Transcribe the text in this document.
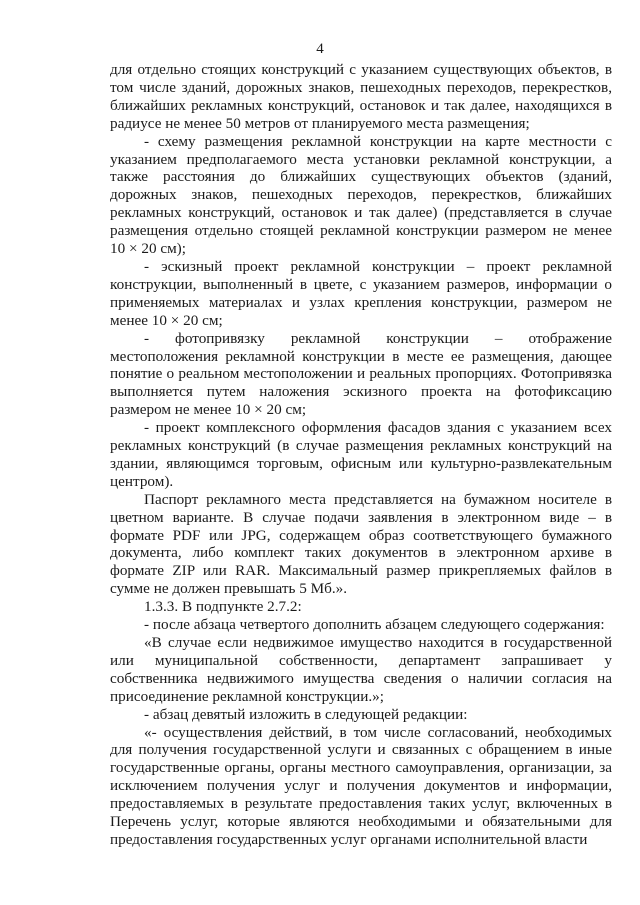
4

для отдельно стоящих конструкций с указанием существующих объектов, в том числе зданий, дорожных знаков, пешеходных переходов, перекрестков, ближайших рекламных конструкций, остановок и так далее, находящихся в радиусе не менее 50 метров от планируемого места размещения;

- схему размещения рекламной конструкции на карте местности с указанием предполагаемого места установки рекламной конструкции, а также расстояния до ближайших существующих объектов (зданий, дорожных знаков, пешеходных переходов, перекрестков, ближайших рекламных конструкций, остановок и так далее) (представляется в случае размещения отдельно стоящей рекламной конструкции размером не менее 10 × 20 см);

- эскизный проект рекламной конструкции – проект рекламной конструкции, выполненный в цвете, с указанием размеров, информации о применяемых материалах и узлах крепления конструкции, размером не менее 10 × 20 см;

- фотопривязку рекламной конструкции – отображение местоположения рекламной конструкции в месте ее размещения, дающее понятие о реальном местоположении и реальных пропорциях. Фотопривязка выполняется путем наложения эскизного проекта на фотофиксацию размером не менее 10 × 20 см;

- проект комплексного оформления фасадов здания с указанием всех рекламных конструкций (в случае размещения рекламных конструкций на здании, являющимся торговым, офисным или культурно-развлекательным центром).

Паспорт рекламного места представляется на бумажном носителе в цветном варианте. В случае подачи заявления в электронном виде – в формате PDF или JPG, содержащем образ соответствующего бумажного документа, либо комплект таких документов в электронном архиве в формате ZIP или RAR. Максимальный размер прикрепляемых файлов в сумме не должен превышать 5 Мб.».

1.3.3. В подпункте 2.7.2:

- после абзаца четвертого дополнить абзацем следующего содержания:

«В случае если недвижимое имущество находится в государственной или муниципальной собственности, департамент запрашивает у собственника недвижимого имущества сведения о наличии согласия на присоединение рекламной конструкции.»;

- абзац девятый изложить в следующей редакции:

«- осуществления действий, в том числе согласований, необходимых для получения государственной услуги и связанных с обращением в иные государственные органы, органы местного самоуправления, организации, за исключением получения услуг и получения документов и информации, предоставляемых в результате предоставления таких услуг, включенных в Перечень услуг, которые являются необходимыми и обязательными для предоставления государственных услуг органами исполнительной власти
